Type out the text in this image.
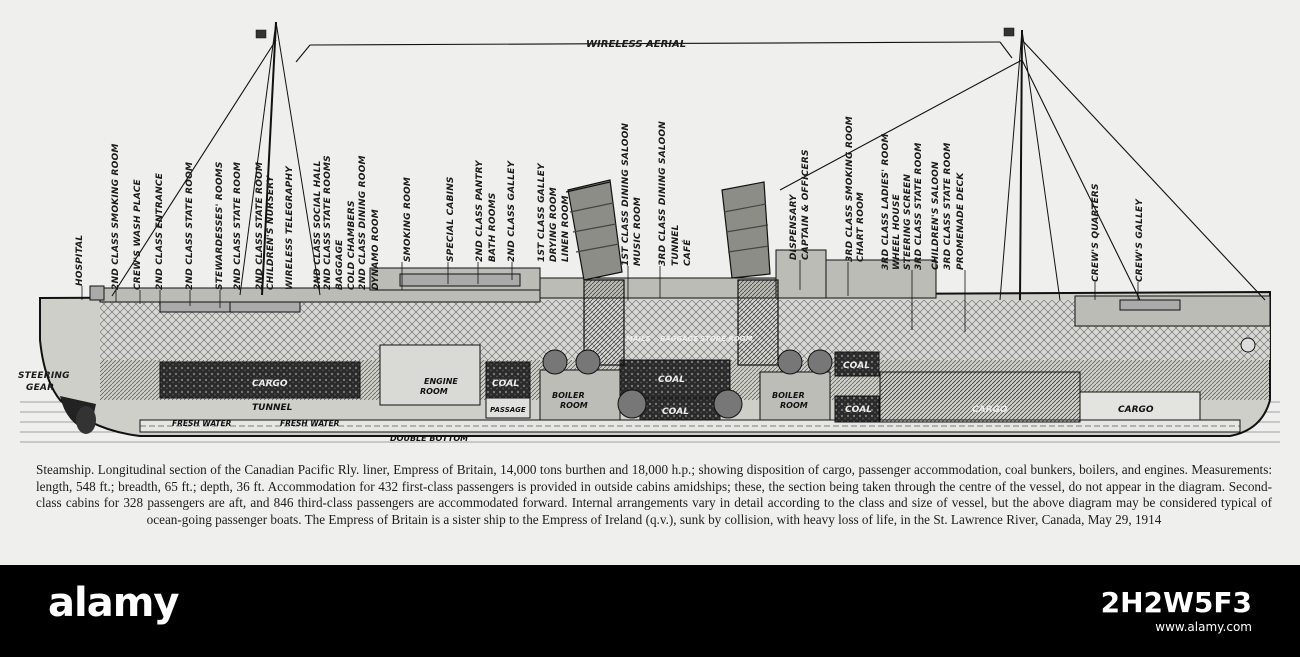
WIRELESS AERIAL
HOSPITAL	2ND CLASS SMOKING ROOM CREW'S WASH PLACE 2ND CLASS ENTRANCE 2ND CLASS STATE ROOM STEWARDESSES' ROOMS 2ND CLASS STATE ROOM 2ND CLASS STATE ROOM CHILDREN'S NURSERY WIRELESS TELEGRAPHY 2ND CLASS SOCIAL HALL 2ND CLASS STATE ROOMS BAGGAGE COLD CHAMBERS 2ND CLASS DINING ROOM DYNAMO ROOM SMOKING ROOM	SPECIAL CABINS 2ND CLASS PANTRY BATH ROOMS 2ND CLASS GALLEY 1ST CLASS GALLEY DRYING ROOM LINEN ROOM	1ST CLASS DINING SALOON MUSIC ROOM 3RD CLASS DINING SALOON TUNNEL CAFÉ	DISPENSARY CAPTAIN & OFFICERS	3RD CLASS SMOKING ROOM CHART ROOM 3RD CLASS LADIES' ROOM WHEEL HOUSE STEERING SCREEN 3RD CLASS STATE ROOM CHILDREN'S SALOON 3RD CLASS STATE ROOM PROMENADE DECK	CREW'S QUARTERS	CREW'S GALLEY
STEERING GEAR	CARGO
TUNNEL
FRESH WATER	FRESH WATER
ENGINE ROOM
COAL
PASSAGE
BOILER ROOM
COAL
COAL
BOILER ROOM
COAL
COAL	CARGO	CARGO
DOUBLE BOTTOM
MAILS BAGGAGE STORE ROOM

Steamship. Longitudinal section of the Canadian Pacific Rly. liner, Empress of Britain, 14,000 tons burthen and 18,000 h.p.; showing disposition of cargo, passenger accommodation, coal bunkers, boilers, and engines. Measurements: length, 548 ft.; breadth, 65 ft.; depth, 36 ft. Accommodation for 432 first-class passengers is provided in outside cabins amidships; these, the section being taken through the centre of the vessel, do not appear in the diagram. Second-class cabins for 328 passengers are aft, and 846 third-class passengers are accommodated forward. Internal arrangements vary in detail according to the class and size of vessel, but the above diagram may be considered typical of ocean-going passenger boats. The Empress of Britain is a sister ship to the Empress of Ireland (q.v.), sunk by collision, with heavy loss of life, in the St. Lawrence River, Canada, May 29, 1914

alamy	2H2W5F3
www.alamy.com
